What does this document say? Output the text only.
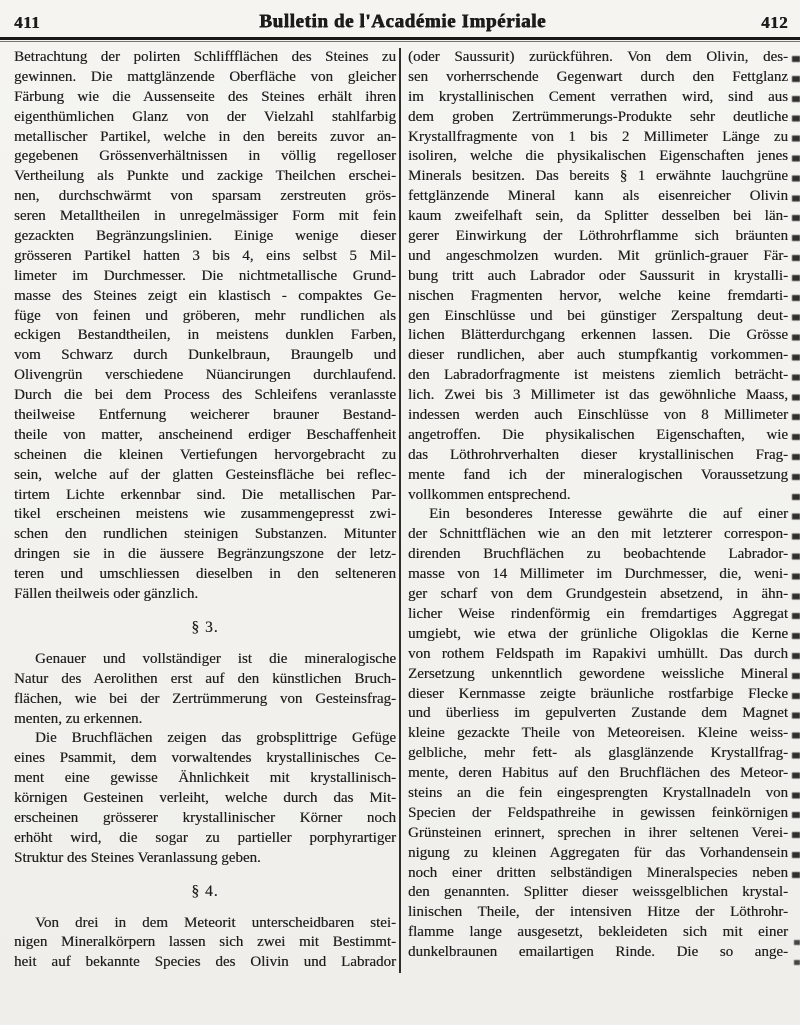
411	Bulletin de l'Académie Impériale	412
Betrachtung der polirten Schliffflächen des Steines zu
gewinnen. Die mattglänzende Oberfläche von gleicher
Färbung wie die Aussenseite des Steines erhält ihren
eigenthümlichen Glanz von der Vielzahl stahlfarbig
metallischer Partikel, welche in den bereits zuvor an-
gegebenen Grössenverhältnissen in völlig regelloser
Vertheilung als Punkte und zackige Theilchen erschei-
nen, durchschwärmt von sparsam zerstreuten grös-
seren Metalltheilen in unregelmässiger Form mit fein
gezackten Begränzungslinien. Einige wenige dieser
grösseren Partikel hatten 3 bis 4, eins selbst 5 Mil-
limeter im Durchmesser. Die nichtmetallische Grund-
masse des Steines zeigt ein klastisch - compaktes Ge-
füge von feinen und gröberen, mehr rundlichen als
eckigen Bestandtheilen, in meistens dunklen Farben,
vom Schwarz durch Dunkelbraun, Braungelb und
Olivengrün verschiedene Nüancirungen durchlaufend.
Durch die bei dem Process des Schleifens veranlasste
theilweise Entfernung weicherer brauner Bestand-
theile von matter, anscheinend erdiger Beschaffenheit
scheinen die kleinen Vertiefungen hervorgebracht zu
sein, welche auf der glatten Gesteinsfläche bei reflec-
tirtem Lichte erkennbar sind. Die metallischen Par-
tikel erscheinen meistens wie zusammengepresst zwi-
schen den rundlichen steinigen Substanzen. Mitunter
dringen sie in die äussere Begränzungszone der letz-
teren und umschliessen dieselben in den selteneren
Fällen theilweis oder gänzlich.
§ 3.
Genauer und vollständiger ist die mineralogische
Natur des Aerolithen erst auf den künstlichen Bruch-
flächen, wie bei der Zertrümmerung von Gesteinsfrag-
menten, zu erkennen.
Die Bruchflächen zeigen das grobsplittrige Gefüge
eines Psammit, dem vorwaltendes krystallinisches Ce-
ment eine gewisse Ähnlichkeit mit krystallinisch-
körnigen Gesteinen verleiht, welche durch das Mit-
erscheinen grösserer krystallinischer Körner noch
erhöht wird, die sogar zu partieller porphyrartiger
Struktur des Steines Veranlassung geben.
§ 4.
Von drei in dem Meteorit unterscheidbaren stei-
nigen Mineralkörpern lassen sich zwei mit Bestimmt-
heit auf bekannte Species des Olivin und Labrador
(oder Saussurit) zurückführen. Von dem Olivin, des-
sen vorherrschende Gegenwart durch den Fettglanz
im krystallinischen Cement verrathen wird, sind aus
dem groben Zertrümmerungs-Produkte sehr deutliche
Krystallfragmente von 1 bis 2 Millimeter Länge zu
isoliren, welche die physikalischen Eigenschaften jenes
Minerals besitzen. Das bereits § 1 erwähnte lauchgrüne
fettglänzende Mineral kann als eisenreicher Olivin
kaum zweifelhaft sein, da Splitter desselben bei län-
gerer Einwirkung der Löthrohrflamme sich bräunten
und angeschmolzen wurden. Mit grünlich-grauer Fär-
bung tritt auch Labrador oder Saussurit in krystalli-
nischen Fragmenten hervor, welche keine fremdarti-
gen Einschlüsse und bei günstiger Zerspaltung deut-
lichen Blätterdurchgang erkennen lassen. Die Grösse
dieser rundlichen, aber auch stumpfkantig vorkommen-
den Labradorfragmente ist meistens ziemlich beträcht-
lich. Zwei bis 3 Millimeter ist das gewöhnliche Maass,
indessen werden auch Einschlüsse von 8 Millimeter
angetroffen. Die physikalischen Eigenschaften, wie
das Löthrohrverhalten dieser krystallinischen Frag-
mente fand ich der mineralogischen Voraussetzung
vollkommen entsprechend.
Ein besonderes Interesse gewährte die auf einer
der Schnittflächen wie an den mit letzterer correspon-
direnden Bruchflächen zu beobachtende Labrador-
masse von 14 Millimeter im Durchmesser, die, weni-
ger scharf von dem Grundgestein absetzend, in ähn-
licher Weise rindenförmig ein fremdartiges Aggregat
umgiebt, wie etwa der grünliche Oligoklas die Kerne
von rothem Feldspath im Rapakivi umhüllt. Das durch
Zersetzung unkenntlich gewordene weissliche Mineral
dieser Kernmasse zeigte bräunliche rostfarbige Flecke
und überliess im gepulverten Zustande dem Magnet
kleine gezackte Theile von Meteoreisen. Kleine weiss-
gelbliche, mehr fett- als glasglänzende Krystallfrag-
mente, deren Habitus auf den Bruchflächen des Meteor-
steins an die fein eingesprengten Krystallnadeln von
Specien der Feldspathreihe in gewissen feinkörnigen
Grünsteinen erinnert, sprechen in ihrer seltenen Verei-
nigung zu kleinen Aggregaten für das Vorhandensein
noch einer dritten selbständigen Mineralspecies neben
den genannten. Splitter dieser weissgelblichen krystal-
linischen Theile, der intensiven Hitze der Löthrohr-
flamme lange ausgesetzt, bekleideten sich mit einer
dunkelbraunen emailartigen Rinde. Die so ange-
